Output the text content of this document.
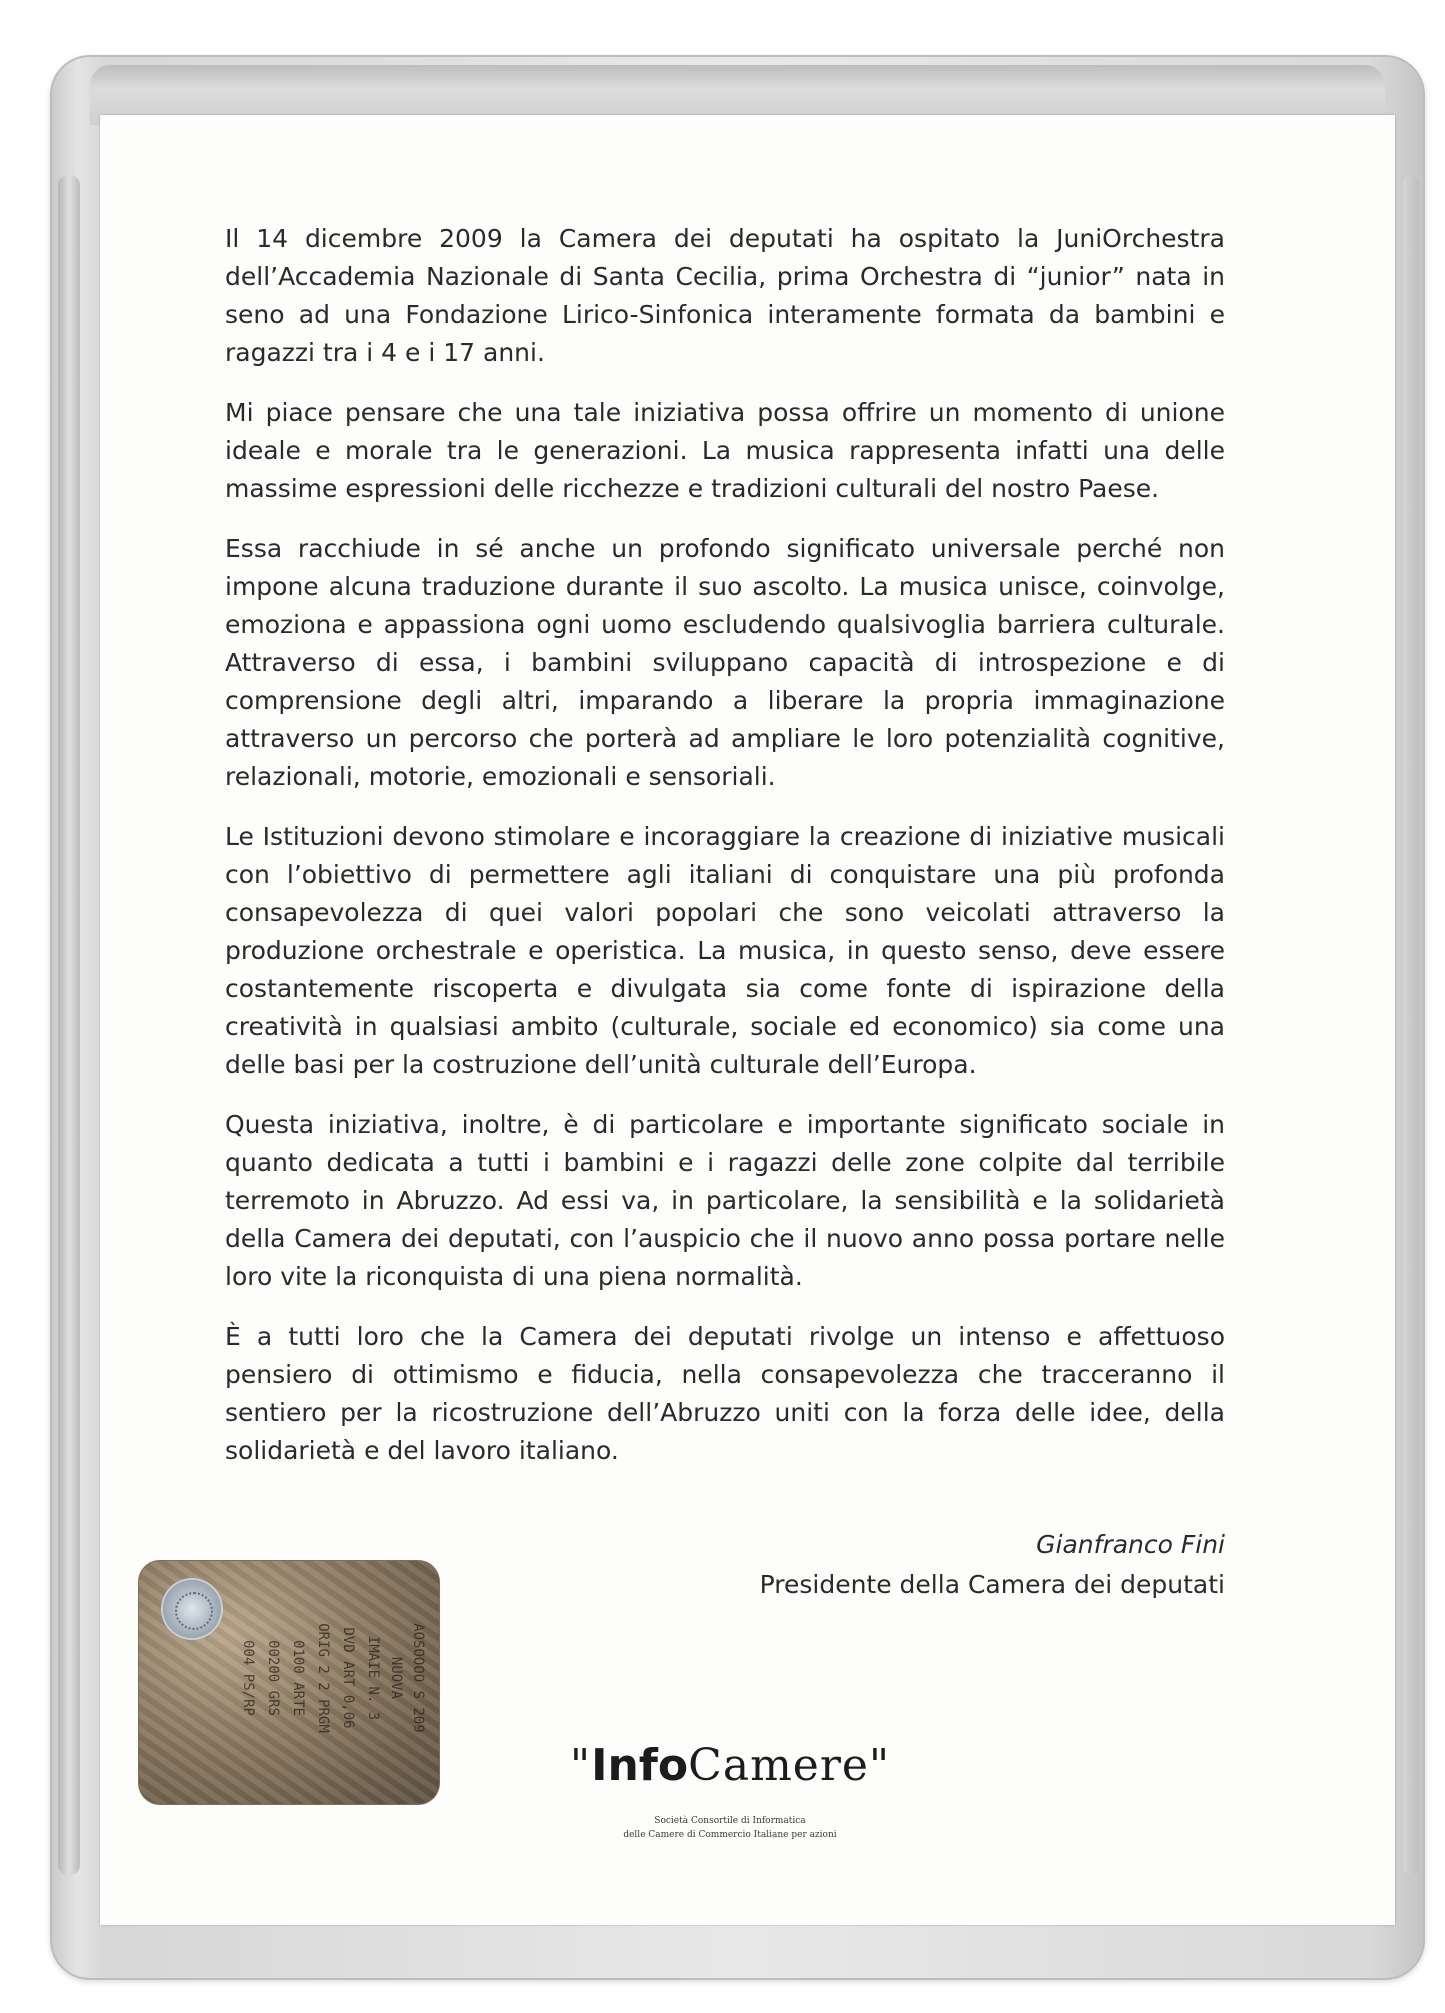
Il 14 dicembre 2009 la Camera dei deputati ha ospitato la JuniOrchestra dell’Accademia Nazionale di Santa Cecilia, prima Orchestra di “junior” nata in seno ad una Fondazione Lirico-Sinfonica interamente formata da bambini e ragazzi tra i 4 e i 17 anni.

Mi piace pensare che una tale iniziativa possa offrire un momento di unione ideale e morale tra le generazioni. La musica rappresenta infatti una delle massime espressioni delle ricchezze e tradizioni culturali del nostro Paese.

Essa racchiude in sé anche un profondo significato universale perché non impone alcuna traduzione durante il suo ascolto. La musica unisce, coinvolge, emoziona e appassiona ogni uomo escludendo qualsivoglia barriera culturale. Attraverso di essa, i bambini sviluppano capacità di introspezione e di comprensione degli altri, imparando a liberare la propria immaginazione attraverso un percorso che porterà ad ampliare le loro potenzialità cognitive, relazionali, motorie, emozionali e sensoriali.

Le Istituzioni devono stimolare e incoraggiare la creazione di iniziative musicali con l’obiettivo di permettere agli italiani di conquistare una più profonda consapevolezza di quei valori popolari che sono veicolati attraverso la produzione orchestrale e operistica. La musica, in questo senso, deve essere costantemente riscoperta e divulgata sia come fonte di ispirazione della creatività in qualsiasi ambito (culturale, sociale ed economico) sia come una delle basi per la costruzione dell’unità culturale dell’Europa.

Questa iniziativa, inoltre, è di particolare e importante significato sociale in quanto dedicata a tutti i bambini e i ragazzi delle zone colpite dal terribile terremoto in Abruzzo. Ad essi va, in particolare, la sensibilità e la solidarietà della Camera dei deputati, con l’auspicio che il nuovo anno possa portare nelle loro vite la riconquista di una piena normalità.

È a tutti loro che la Camera dei deputati rivolge un intenso e affettuoso pensiero di ottimismo e fiducia, nella consapevolezza che tracceranno il sentiero per la ricostruzione dell’Abruzzo uniti con la forza delle idee, della solidarietà e del lavoro italiano.

Gianfranco Fini
Presidente della Camera dei deputati
004 PS/RP 00200 GRS 0100 ARTE ORIG 2 2 PRGM DVD ART 0,06 IMAIE N. 3 NUOVA AOSOOOO S 209
"InfoCamere"
Società Consortile di Informatica
delle Camere di Commercio Italiane per azioni
